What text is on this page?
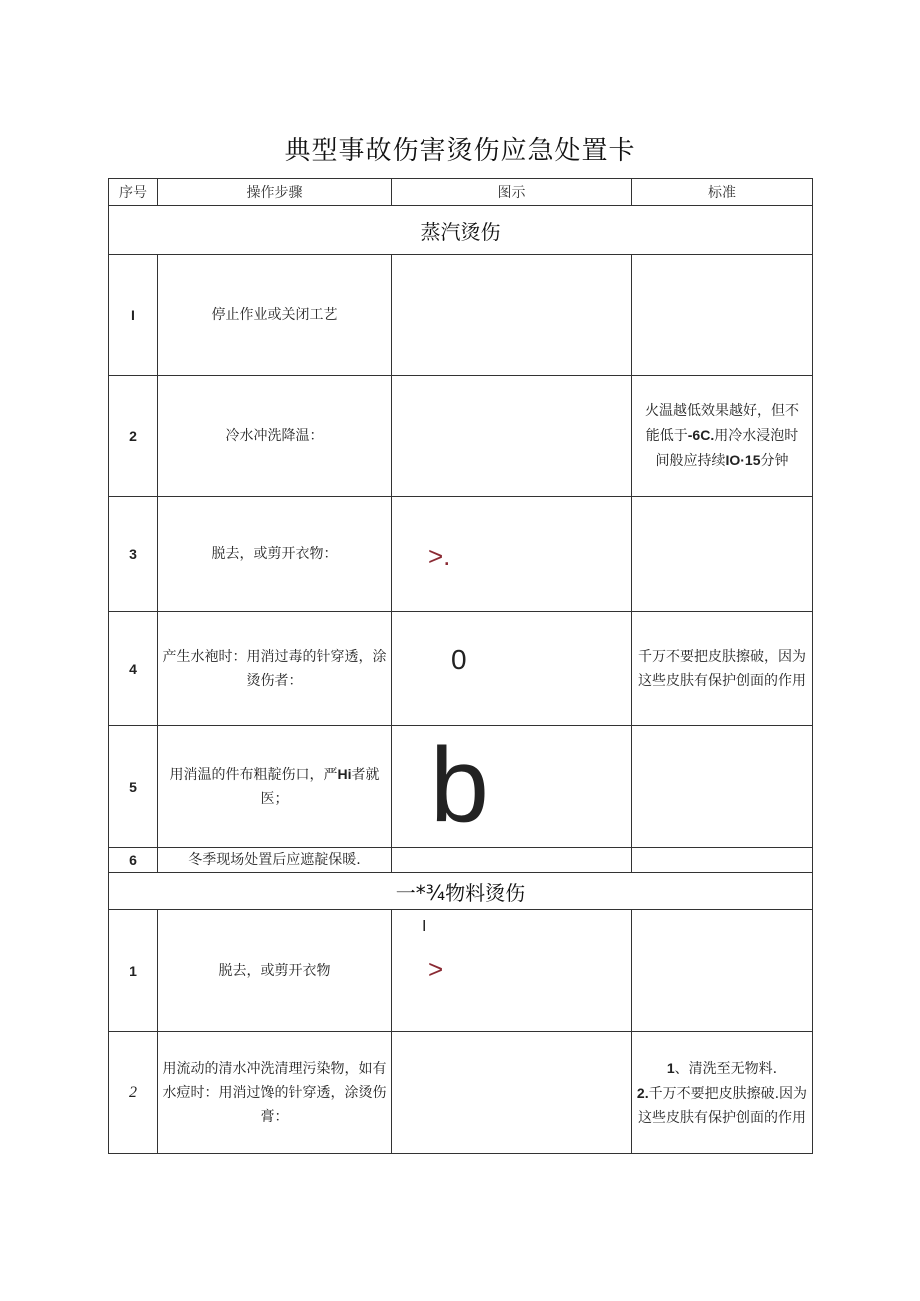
典型事故伤害烫伤应急处置卡
序号	操作步骤	图示	标准
蒸汽烫伤			
I	停止作业或关闭工艺		
2	冷水冲洗降温：		火温越低效果越好，但不
能低于-6C.用冷水浸泡时
间般应持续IO·15分钟
3	脱去，或剪开衣物：	>.	

4	产生水袍时：用消过毒的针穿透，涂烫伤者：	0	千万不要把皮肤擦破，因为这些皮肤有保护创面的作用
5	用消温的件布粗靛伤口，严Hi者就医；	b	

6	冬季现场处置后应遮靛保暖.		
一*¾物料烫伤			
1	脱去，或剪开衣物	I
>	

2	用流动的清水冲洗清理污染物，如有水痘时：用消过馋的针穿透，涂烫伤膏：		1、清洗至无物料.
2.千万不要把皮肤擦破.因为这些皮肤有保护创面的作用
